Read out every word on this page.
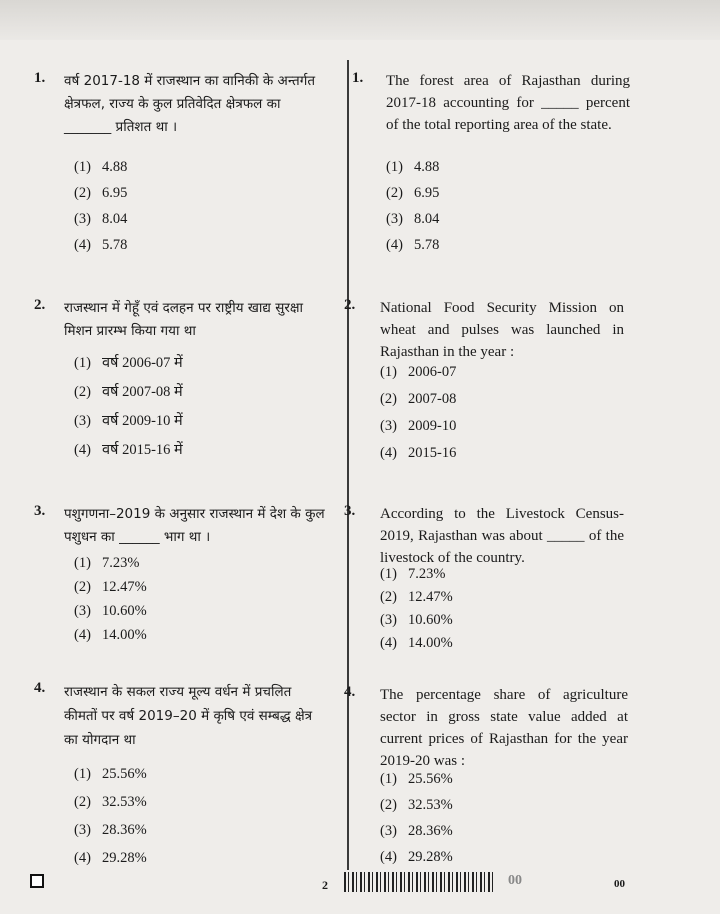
1. वर्ष 2017-18 में राजस्थान का वानिकी के अन्तर्गत क्षेत्रफल, राज्य के कुल प्रतिवेदित क्षेत्रफल का _______ प्रतिशत था ।
(1) 4.88
(2) 6.95
(3) 8.04
(4) 5.78
2. राजस्थान में गेहूँ एवं दलहन पर राष्ट्रीय खाद्य सुरक्षा मिशन प्रारम्भ किया गया था
(1) वर्ष 2006-07 में
(2) वर्ष 2007-08 में
(3) वर्ष 2009-10 में
(4) वर्ष 2015-16 में
3. पशुगणना–2019 के अनुसार राजस्थान में देश के कुल पशुधन का ______ भाग था ।
(1) 7.23%
(2) 12.47%
(3) 10.60%
(4) 14.00%
4. राजस्थान के सकल राज्य मूल्य वर्धन में प्रचलित कीमतों पर वर्ष 2019–20 में कृषि एवं सम्बद्ध क्षेत्र का योगदान था
(1) 25.56%
(2) 32.53%
(3) 28.36%
(4) 29.28%
1. The forest area of Rajasthan during 2017-18 accounting for _____ percent of the total reporting area of the state.
(1) 4.88
(2) 6.95
(3) 8.04
(4) 5.78
2. National Food Security Mission on wheat and pulses was launched in Rajasthan in the year :
(1) 2006-07
(2) 2007-08
(3) 2009-10
(4) 2015-16
3. According to the Livestock Census-2019, Rajasthan was about _____ of the livestock of the country.
(1) 7.23%
(2) 12.47%
(3) 10.60%
(4) 14.00%
4. The percentage share of agriculture sector in gross state value added at current prices of Rajasthan for the year 2019-20 was :
(1) 25.56%
(2) 32.53%
(3) 28.36%
(4) 29.28%
2	00	00
